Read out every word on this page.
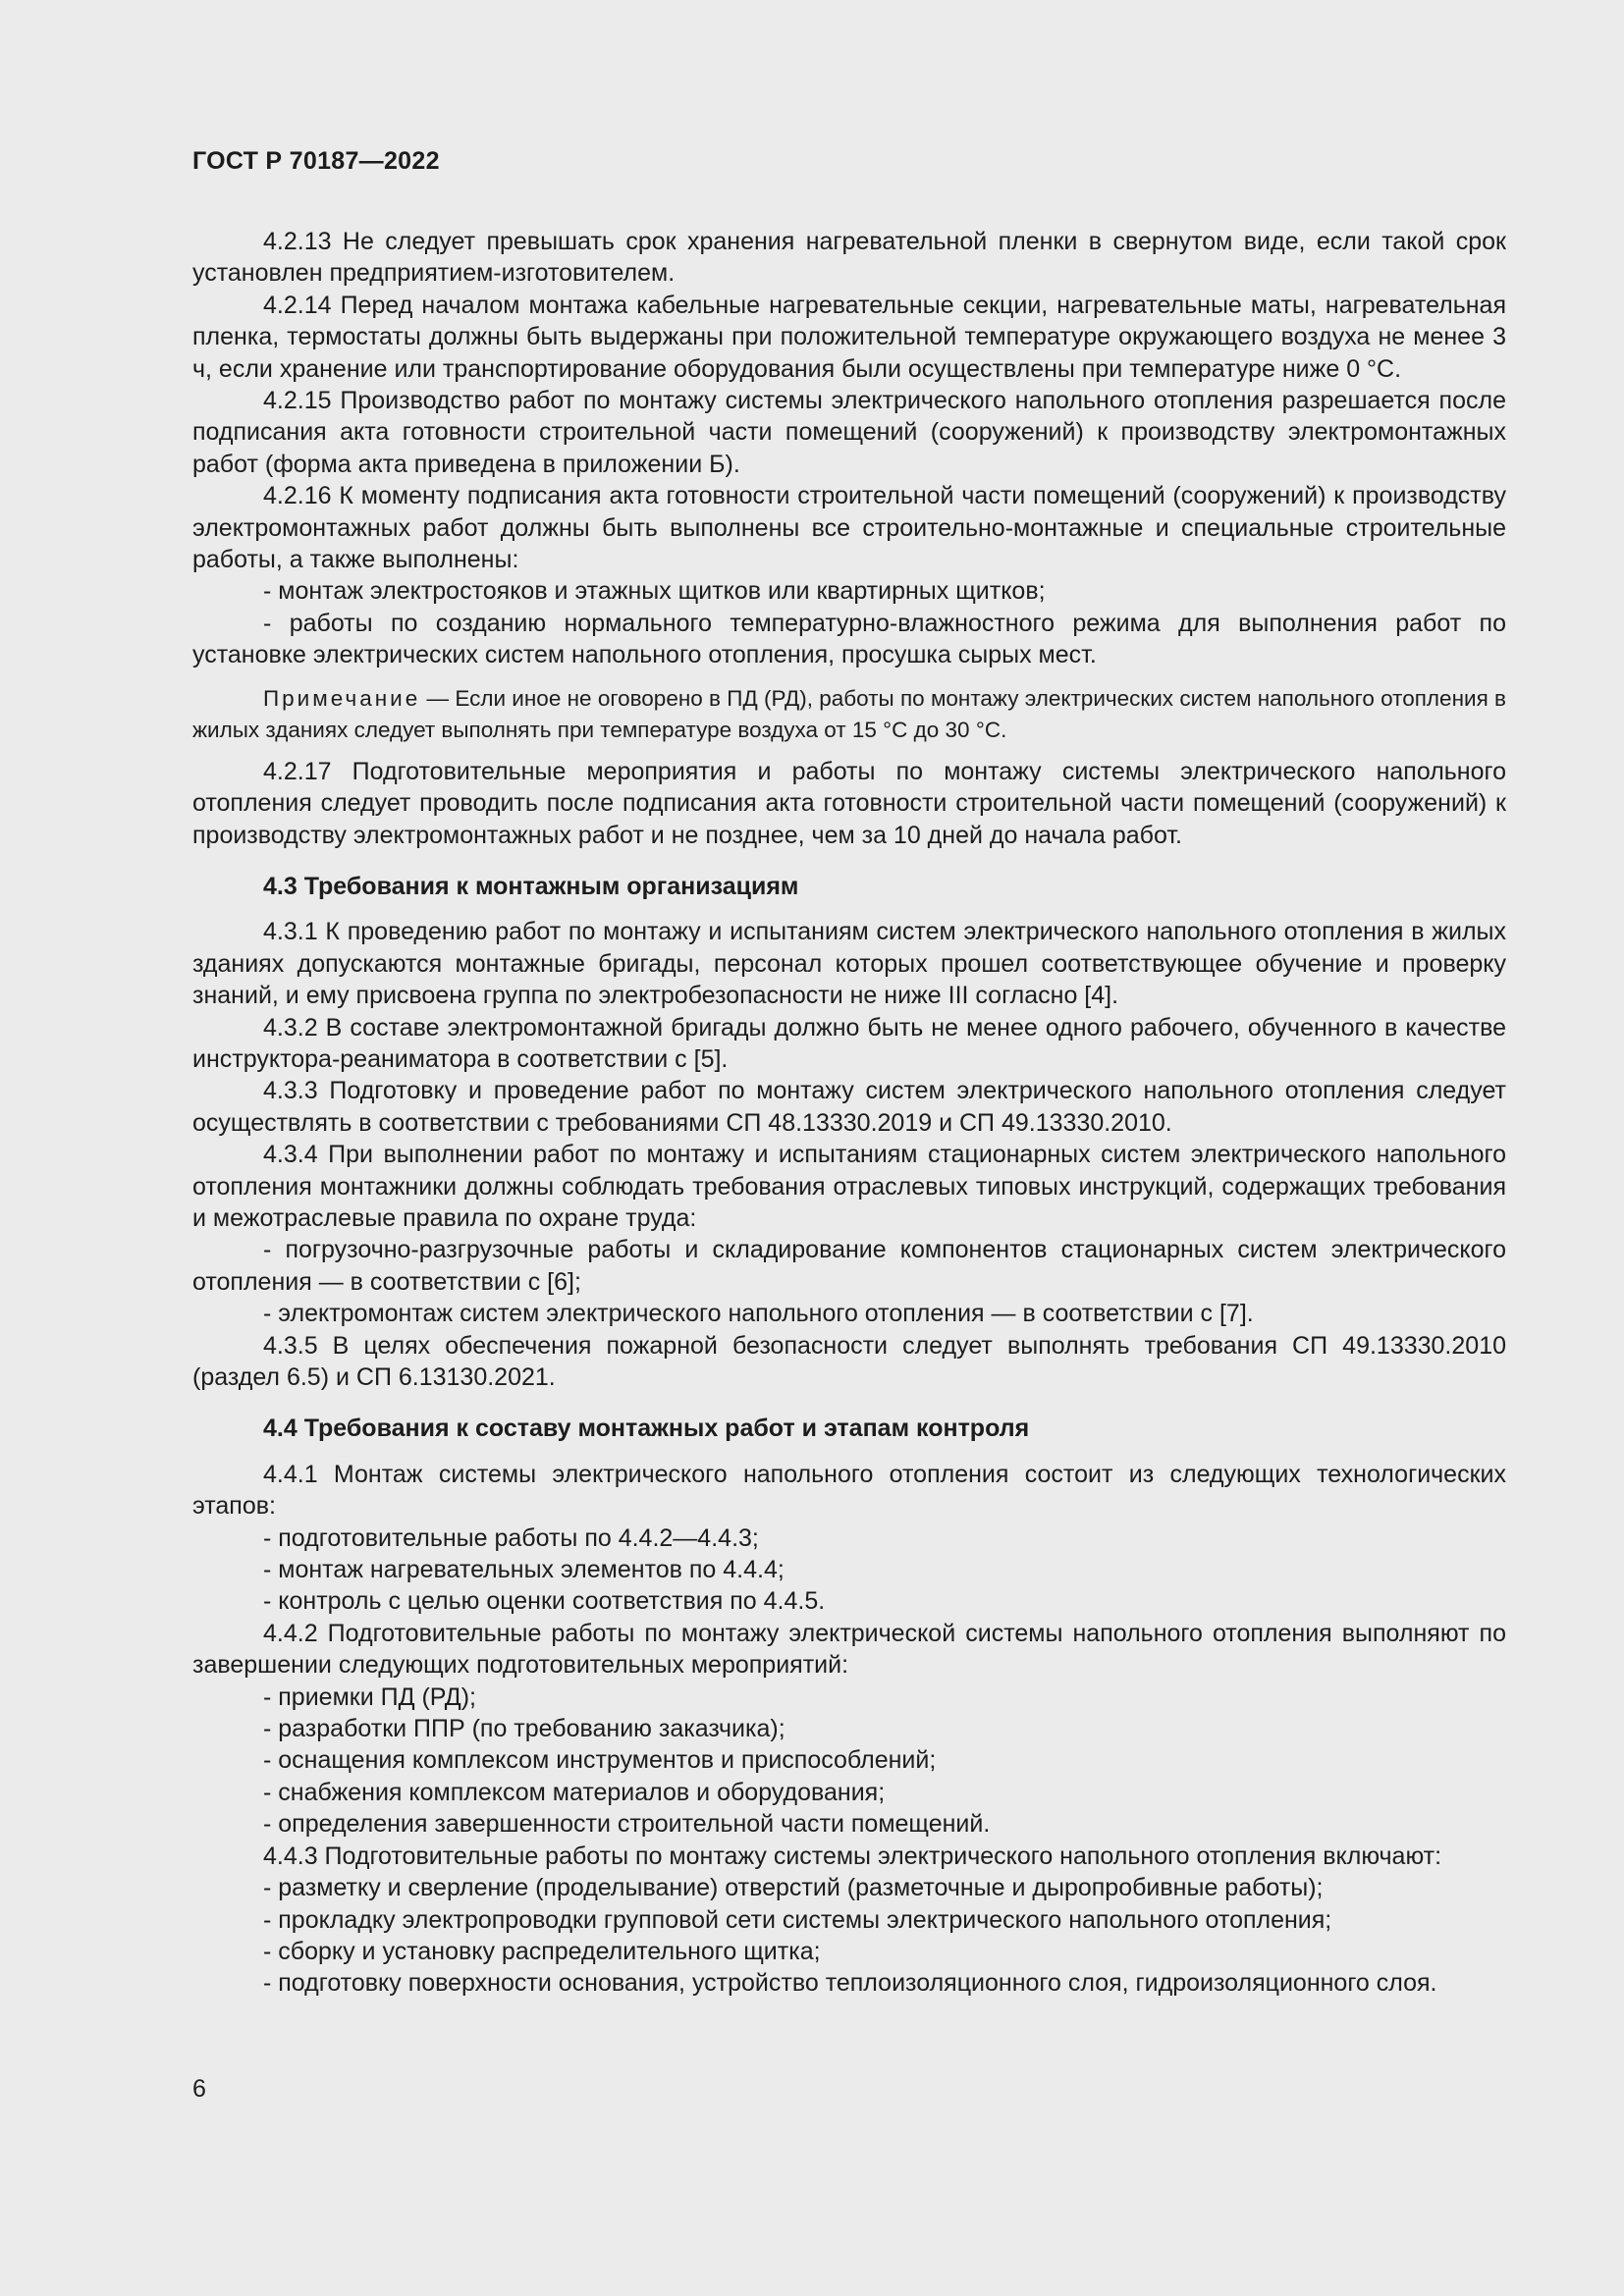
ГОСТ Р 70187—2022

4.2.13 Не следует превышать срок хранения нагревательной пленки в свернутом виде, если такой срок установлен предприятием-изготовителем.

4.2.14 Перед началом монтажа кабельные нагревательные секции, нагревательные маты, нагревательная пленка, термостаты должны быть выдержаны при положительной температуре окружающего воздуха не менее 3 ч, если хранение или транспортирование оборудования были осуществлены при температуре ниже 0 °С.

4.2.15 Производство работ по монтажу системы электрического напольного отопления разрешается после подписания акта готовности строительной части помещений (сооружений) к производству электромонтажных работ (форма акта приведена в приложении Б).

4.2.16 К моменту подписания акта готовности строительной части помещений (сооружений) к производству электромонтажных работ должны быть выполнены все строительно-монтажные и специальные строительные работы, а также выполнены:

- монтаж электростояков и этажных щитков или квартирных щитков;

- работы по созданию нормального температурно-влажностного режима для выполнения работ по установке электрических систем напольного отопления, просушка сырых мест.

Примечание — Если иное не оговорено в ПД (РД), работы по монтажу электрических систем напольного отопления в жилых зданиях следует выполнять при температуре воздуха от 15 °С до 30 °С.

4.2.17 Подготовительные мероприятия и работы по монтажу системы электрического напольного отопления следует проводить после подписания акта готовности строительной части помещений (сооружений) к производству электромонтажных работ и не позднее, чем за 10 дней до начала работ.

4.3 Требования к монтажным организациям

4.3.1 К проведению работ по монтажу и испытаниям систем электрического напольного отопления в жилых зданиях допускаются монтажные бригады, персонал которых прошел соответствующее обучение и проверку знаний, и ему присвоена группа по электробезопасности не ниже III согласно [4].

4.3.2 В составе электромонтажной бригады должно быть не менее одного рабочего, обученного в качестве инструктора-реаниматора в соответствии с [5].

4.3.3 Подготовку и проведение работ по монтажу систем электрического напольного отопления следует осуществлять в соответствии с требованиями СП 48.13330.2019 и СП 49.13330.2010.

4.3.4 При выполнении работ по монтажу и испытаниям стационарных систем электрического напольного отопления монтажники должны соблюдать требования отраслевых типовых инструкций, содержащих требования и межотраслевые правила по охране труда:

- погрузочно-разгрузочные работы и складирование компонентов стационарных систем электрического отопления — в соответствии с [6];

- электромонтаж систем электрического напольного отопления — в соответствии с [7].

4.3.5 В целях обеспечения пожарной безопасности следует выполнять требования СП 49.13330.2010 (раздел 6.5) и СП 6.13130.2021.

4.4 Требования к составу монтажных работ и этапам контроля

4.4.1 Монтаж системы электрического напольного отопления состоит из следующих технологических этапов:

- подготовительные работы по 4.4.2—4.4.3;

- монтаж нагревательных элементов по 4.4.4;

- контроль с целью оценки соответствия по 4.4.5.

4.4.2 Подготовительные работы по монтажу электрической системы напольного отопления выполняют по завершении следующих подготовительных мероприятий:

- приемки ПД (РД);

- разработки ППР (по требованию заказчика);

- оснащения комплексом инструментов и приспособлений;

- снабжения комплексом материалов и оборудования;

- определения завершенности строительной части помещений.

4.4.3 Подготовительные работы по монтажу системы электрического напольного отопления включают:

- разметку и сверление (проделывание) отверстий (разметочные и дыропробивные работы);

- прокладку электропроводки групповой сети системы электрического напольного отопления;

- сборку и установку распределительного щитка;

- подготовку поверхности основания, устройство теплоизоляционного слоя, гидроизоляционного слоя.

6
